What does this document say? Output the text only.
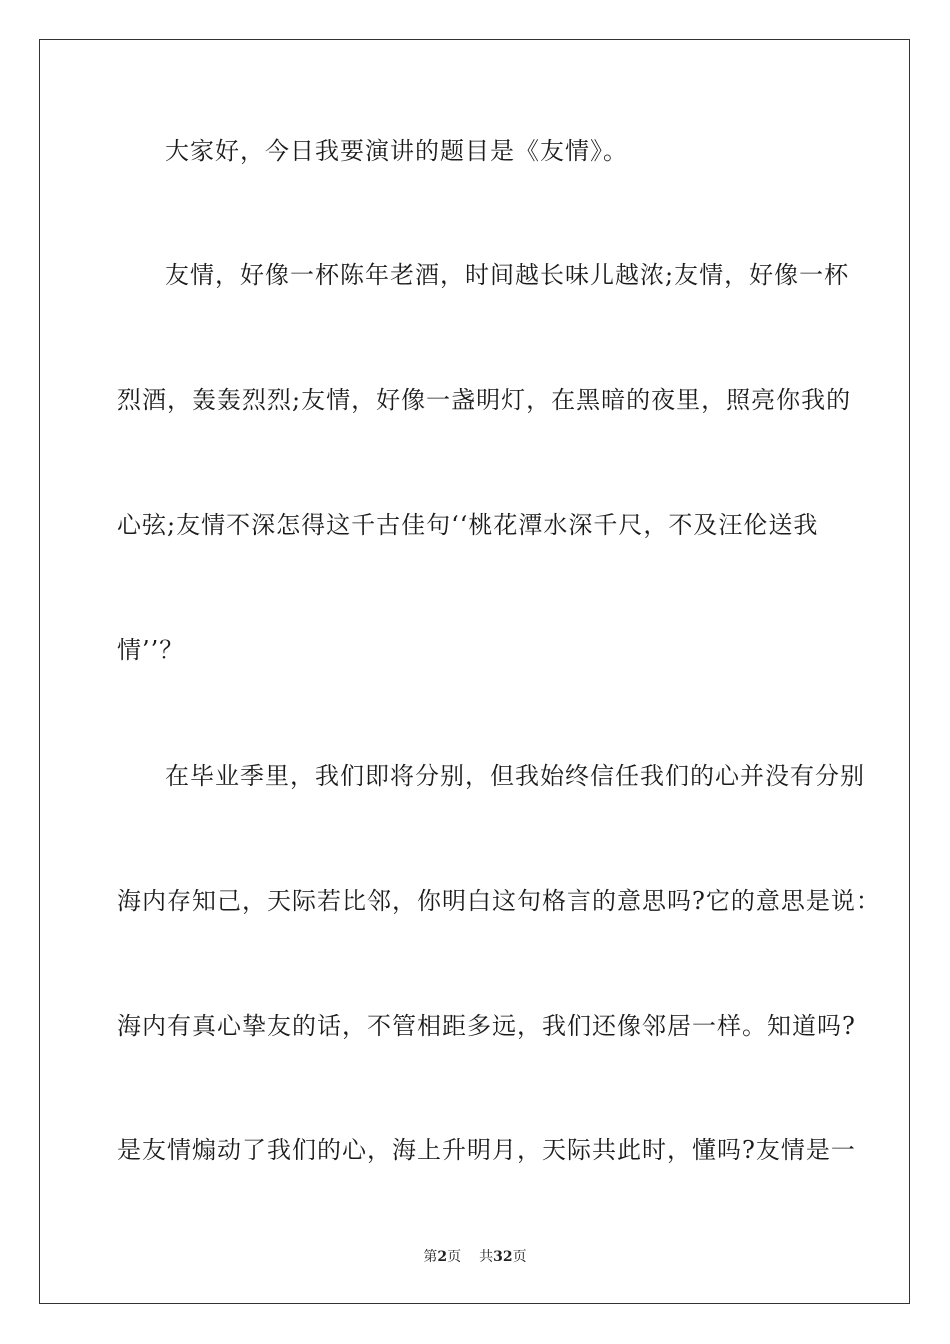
大家好，今日我要演讲的题目是《友情》。
友情，好像一杯陈年老酒，时间越长味儿越浓;友情，好像一杯
烈酒，轰轰烈烈;友情，好像一盏明灯，在黑暗的夜里，照亮你我的
心弦;友情不深怎得这千古佳句‘‘桃花潭水深千尺，不及汪伦送我
情’’？
在毕业季里，我们即将分别，但我始终信任我们的心并没有分别
海内存知己，天际若比邻，你明白这句格言的意思吗?它的意思是说：
海内有真心挚友的话，不管相距多远，我们还像邻居一样。知道吗?
是友情煽动了我们的心，海上升明月，天际共此时，懂吗?友情是一
第2页 共32页
